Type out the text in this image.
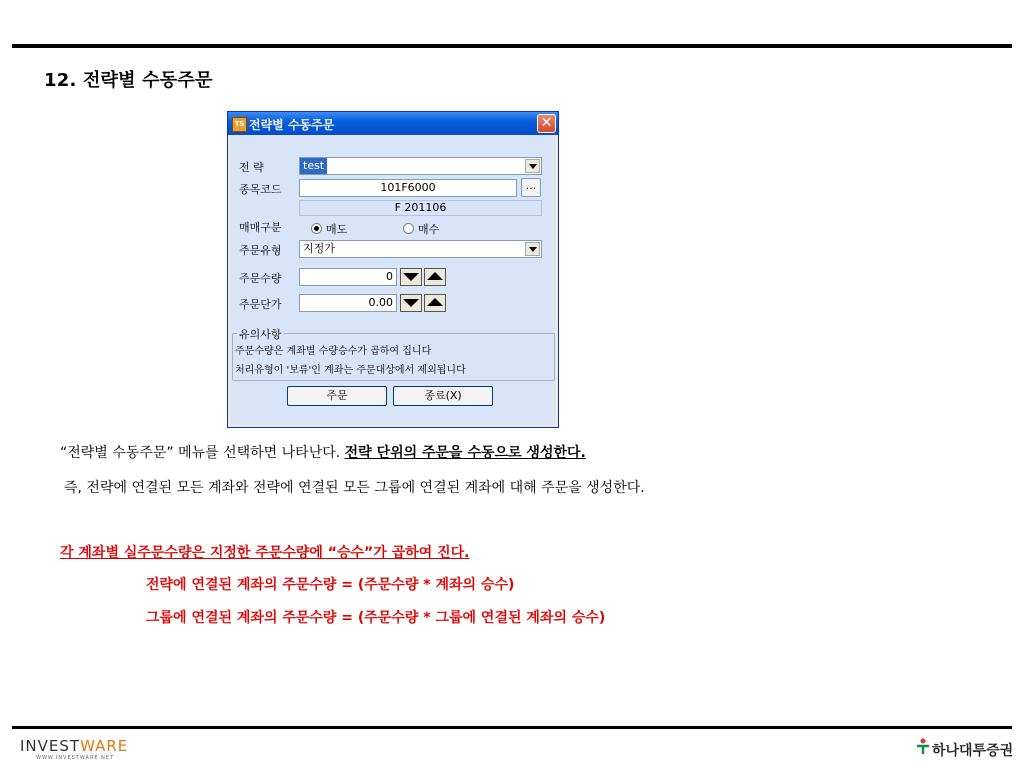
12. 전략별 수동주문
TS 전략별 수동주문	✕
전 략	test
종목코드	101F6000	...
F 201106
매매구분	매도	매수
주문유형	지정가
주문수량	0
주문단가	0.00
유의사항
주문수량은 계좌별 수량승수가 곱하여 집니다
처리유형이 '보류'인 계좌는 주문대상에서 제외됩니다
주문	종료(X)
“전략별 수동주문” 메뉴를 선택하면 나타난다. 전략 단위의 주문을 수동으로 생성한다.
즉, 전략에 연결된 모든 계좌와 전략에 연결된 모든 그룹에 연결된 계좌에 대해 주문을 생성한다.
각 계좌별 실주문수량은 지정한 주문수량에 “승수”가 곱하여 진다.
전략에 연결된 계좌의 주문수량 = (주문수량 * 계좌의 승수)
그룹에 연결된 계좌의 주문수량 = (주문수량 * 그룹에 연결된 계좌의 승수)
INVESTWARE
WWW.INVESTWARE.NET	하나대투증권
